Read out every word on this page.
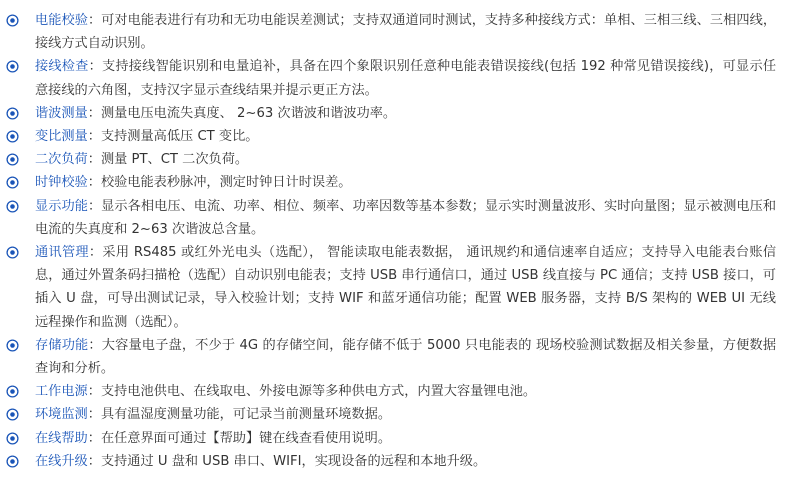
电能校验：可对电能表进行有功和无功电能误差测试；支持双通道同时测试，支持多种接线方式：单相、三相三线、三相四线，接线方式自动识别。
接线检查：支持接线智能识别和电量追补，具备在四个象限识别任意种电能表错误接线(包括 192 种常见错误接线)，可显示任意接线的六角图，支持汉字显示查线结果并提示更正方法。
谐波测量：测量电压电流失真度、 2~63 次谐波和谐波功率。
变比测量：支持测量高低压 CT 变比。
二次负荷：测量 PT、CT 二次负荷。
时钟校验：校验电能表秒脉冲，测定时钟日计时误差。
显示功能：显示各相电压、电流、功率、相位、频率、功率因数等基本参数；显示实时测量波形、实时向量图；显示被测电压和电流的失真度和 2~63 次谐波总含量。
通讯管理：采用 RS485 或红外光电头（选配）， 智能读取电能表数据， 通讯规约和通信速率自适应；支持导入电能表台账信息，通过外置条码扫描枪（选配）自动识别电能表；支持 USB 串行通信口，通过 USB 线直接与 PC 通信；支持 USB 接口，可插入 U 盘，可导出测试记录，导入校验计划；支持 WIF 和蓝牙通信功能；配置 WEB 服务器，支持 B/S 架构的 WEB UI 无线远程操作和监测（选配）。
存储功能：大容量电子盘，不少于 4G 的存储空间，能存储不低于 5000 只电能表的 现场校验测试数据及相关参量，方便数据查询和分析。
工作电源：支持电池供电、在线取电、外接电源等多种供电方式，内置大容量锂电池。
环境监测：具有温湿度测量功能，可记录当前测量环境数据。
在线帮助：在任意界面可通过【帮助】键在线查看使用说明。
在线升级：支持通过 U 盘和 USB 串口、WIFI，实现设备的远程和本地升级。
